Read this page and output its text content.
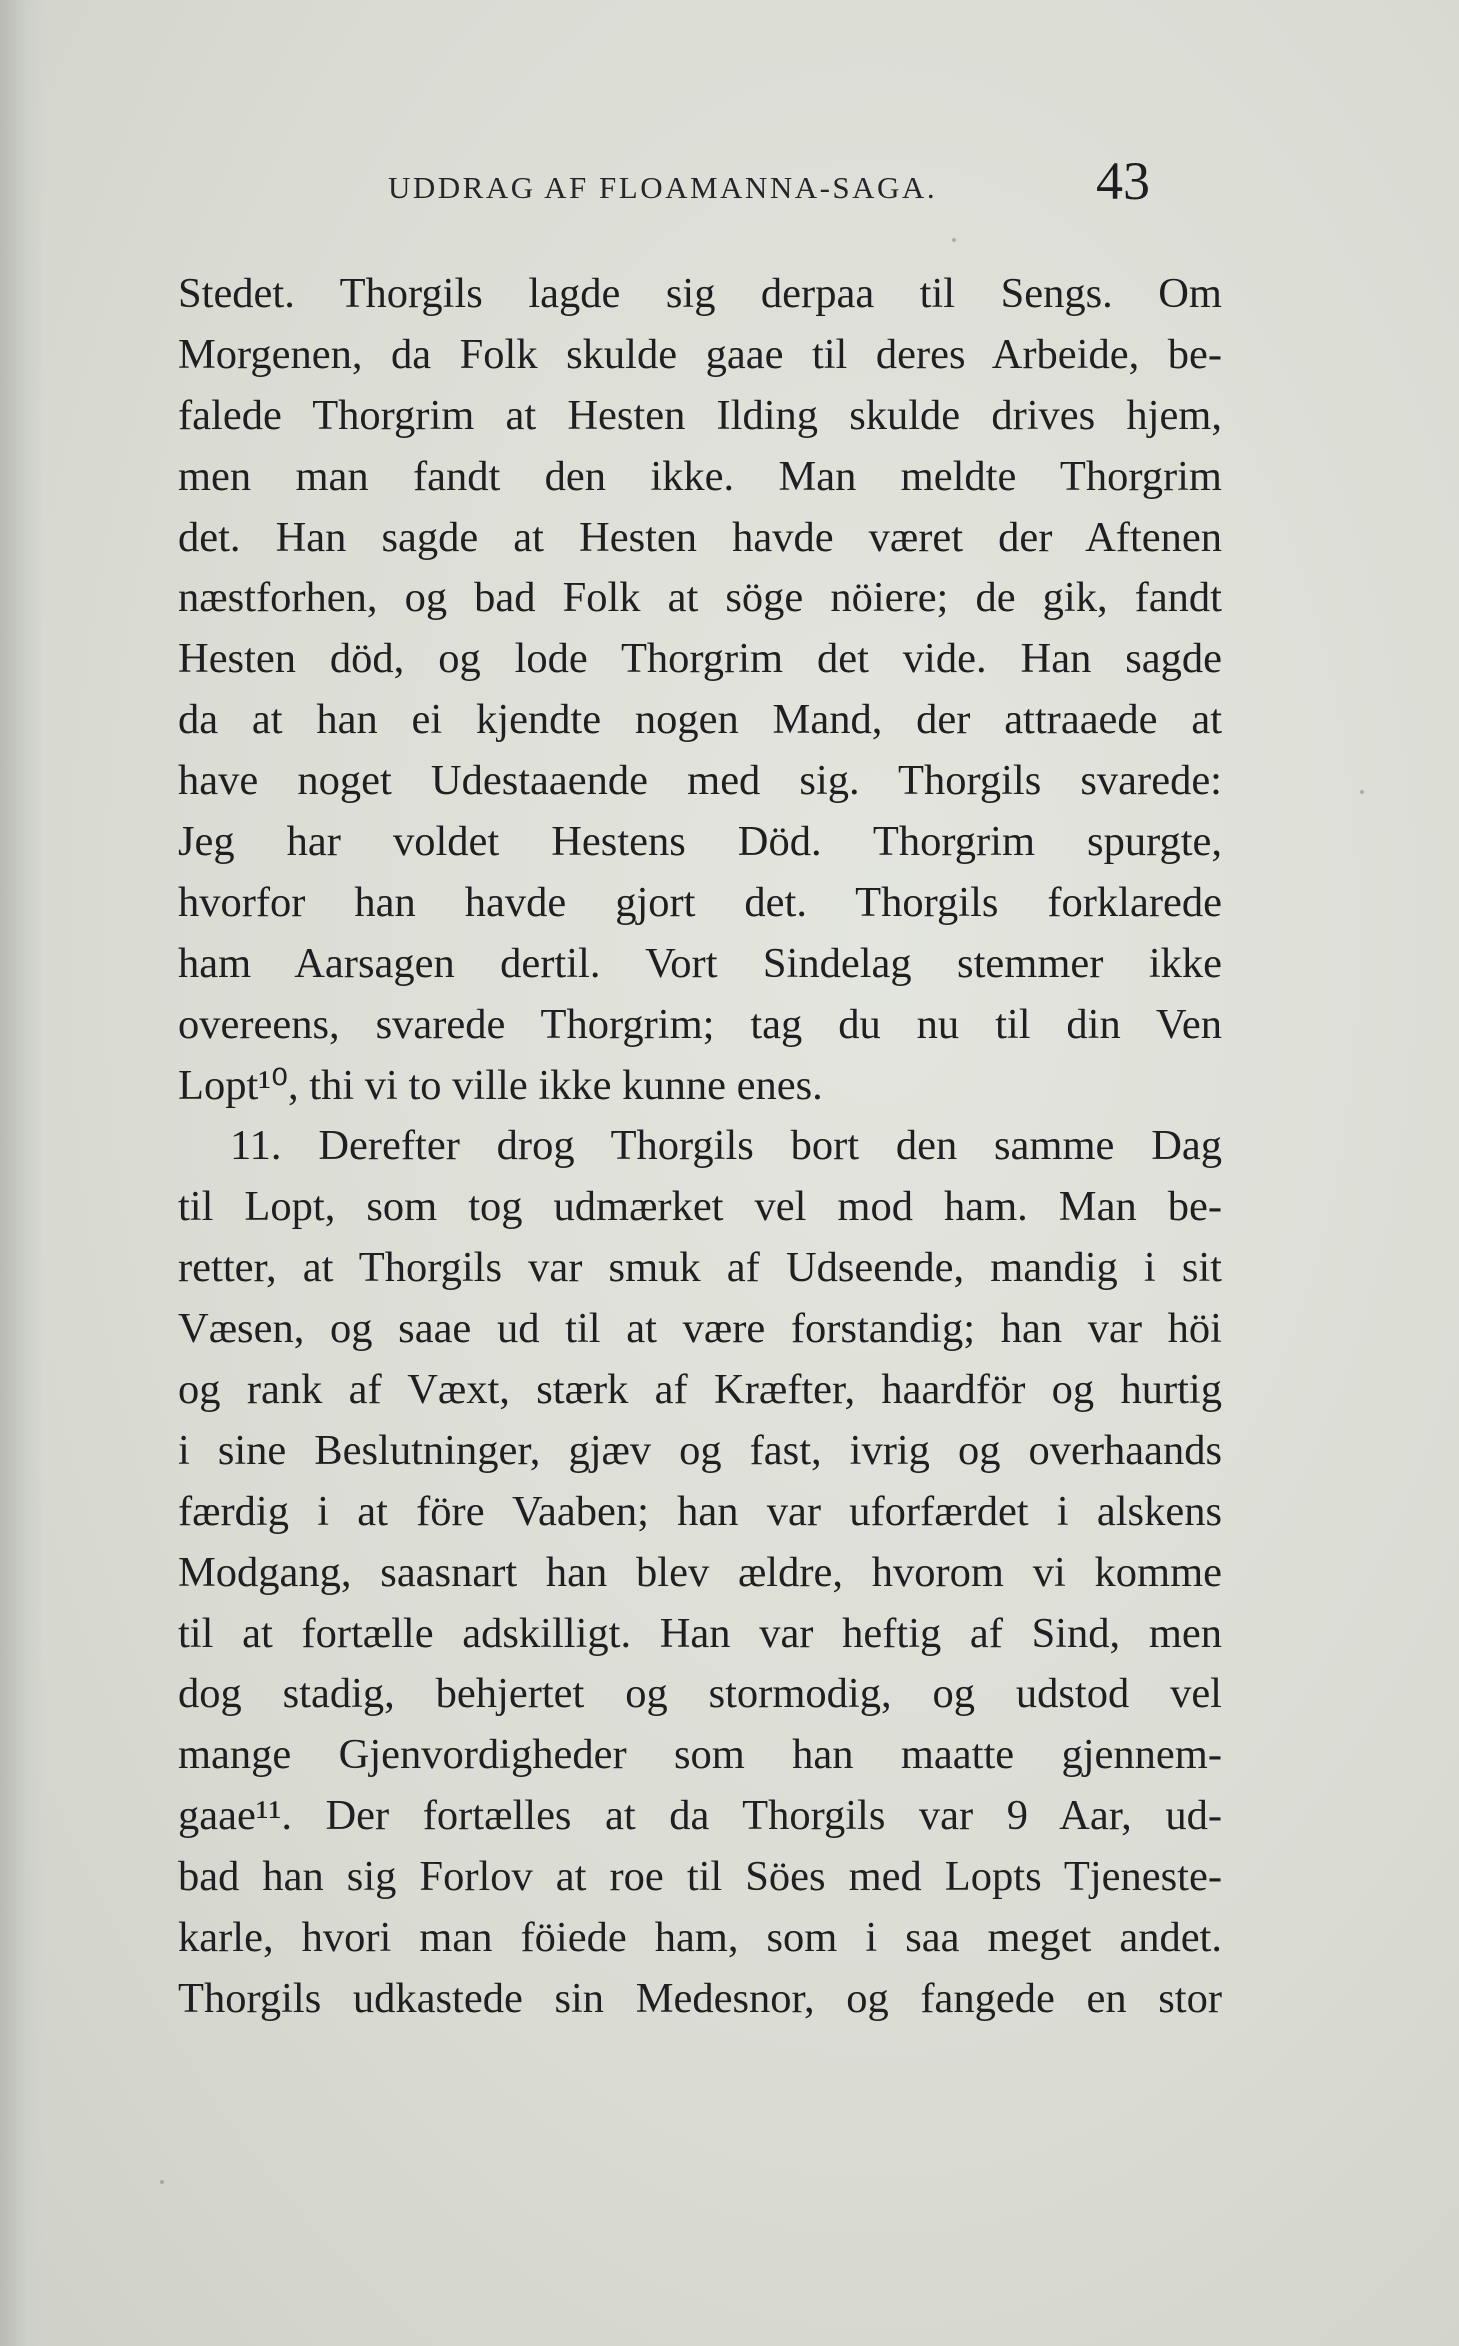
UDDRAG AF FLOAMANNA-SAGA.	43
Stedet. Thorgils lagde sig derpaa til Sengs. Om
Morgenen, da Folk skulde gaae til deres Arbeide, be-
falede Thorgrim at Hesten Ilding skulde drives hjem,
men man fandt den ikke. Man meldte Thorgrim
det. Han sagde at Hesten havde været der Aftenen
næstforhen, og bad Folk at söge nöiere; de gik, fandt
Hesten död, og lode Thorgrim det vide. Han sagde
da at han ei kjendte nogen Mand, der attraaede at
have noget Udestaaende med sig. Thorgils svarede:
Jeg har voldet Hestens Död. Thorgrim spurgte,
hvorfor han havde gjort det. Thorgils forklarede
ham Aarsagen dertil. Vort Sindelag stemmer ikke
overeens, svarede Thorgrim; tag du nu til din Ven
Lopt¹⁰, thi vi to ville ikke kunne enes.
11. Derefter drog Thorgils bort den samme Dag
til Lopt, som tog udmærket vel mod ham. Man be-
retter, at Thorgils var smuk af Udseende, mandig i sit
Væsen, og saae ud til at være forstandig; han var höi
og rank af Væxt, stærk af Kræfter, haardför og hurtig
i sine Beslutninger, gjæv og fast, ivrig og overhaands
færdig i at före Vaaben; han var uforfærdet i alskens
Modgang, saasnart han blev ældre, hvorom vi komme
til at fortælle adskilligt. Han var heftig af Sind, men
dog stadig, behjertet og stormodig, og udstod vel
mange Gjenvordigheder som han maatte gjennem-
gaae¹¹. Der fortælles at da Thorgils var 9 Aar, ud-
bad han sig Forlov at roe til Söes med Lopts Tjeneste-
karle, hvori man föiede ham, som i saa meget andet.
Thorgils udkastede sin Medesnor, og fangede en stor
